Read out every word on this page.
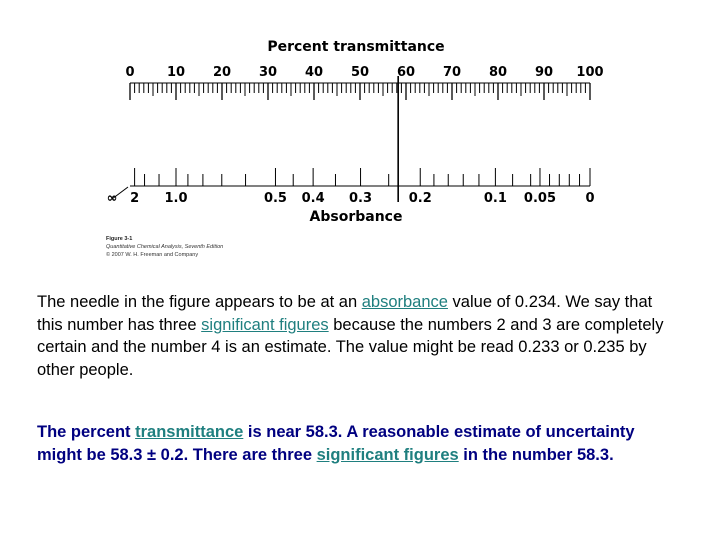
Percent transmittance
0 10 20 30 40 50 60 70 80 90 100
∞ 2 1.0	0.5 0.4 0.3	0.2	0.1 0.05 0
Absorbance
Figure 3-1
Quantitative Chemical Analysis, Seventh Edition
© 2007 W. H. Freeman and Company

The needle in the figure appears to be at an absorbance value of 0.234. We say that this number has three significant figures because the numbers 2 and 3 are completely certain and the number 4 is an estimate. The value might be read 0.233 or 0.235 by other people.

The percent transmittance is near 58.3. A reasonable estimate of uncertainty might be 58.3 ± 0.2. There are three significant figures in the number 58.3.
